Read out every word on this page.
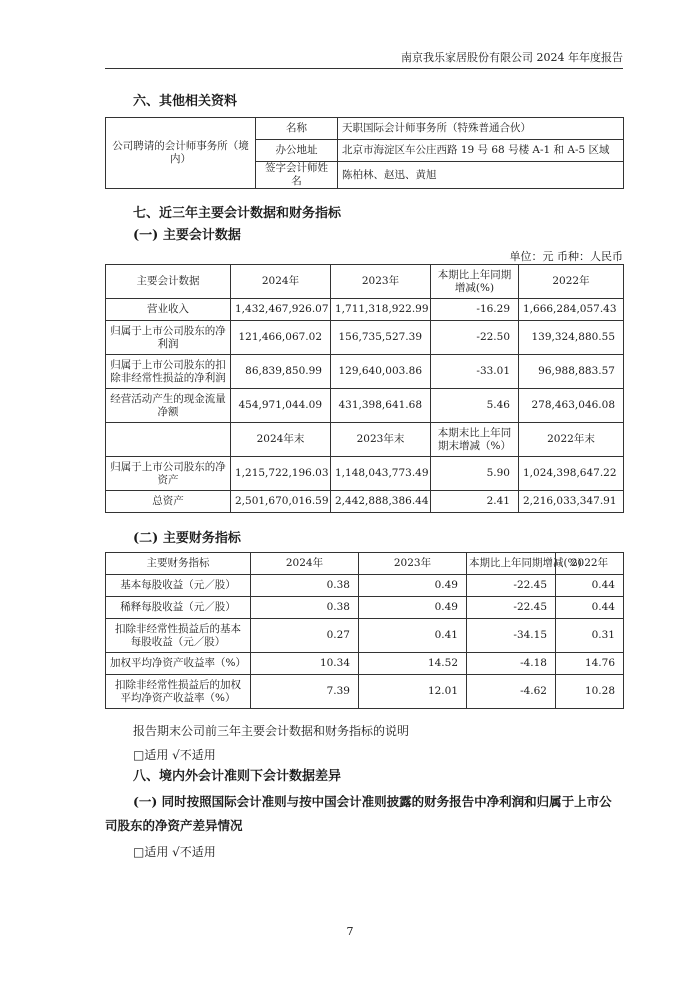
南京我乐家居股份有限公司 2024 年年度报告
六、其他相关资料
公司聘请的会计师事务所（境内）	名称	天职国际会计师事务所（特殊普通合伙）
	办公地址	北京市海淀区车公庄西路 19 号 68 号楼 A-1 和 A-5 区域
	签字会计师姓名	陈柏林、赵迅、黄旭
七、近三年主要会计数据和财务指标
(一) 主要会计数据
单位：元 币种：人民币
主要会计数据	2024年	2023年	本期比上年同期增减(%)	2022年
营业收入	1,432,467,926.07	1,711,318,922.99	-16.29	1,666,284,057.43
归属于上市公司股东的净利润	121,466,067.02	156,735,527.39	-22.50	139,324,880.55
归属于上市公司股东的扣除非经常性损益的净利润	86,839,850.99	129,640,003.86	-33.01	96,988,883.57
经营活动产生的现金流量净额	454,971,044.09	431,398,641.68	5.46	278,463,046.08
	2024年末	2023年末	本期末比上年同期末增减（%）	2022年末
归属于上市公司股东的净资产	1,215,722,196.03	1,148,043,773.49	5.90	1,024,398,647.22
总资产	2,501,670,016.59	2,442,888,386.44	2.41	2,216,033,347.91
(二) 主要财务指标
主要财务指标	2024年	2023年	本期比上年同期增减(%)	2022年
基本每股收益（元／股）	0.38	0.49	-22.45	0.44
稀释每股收益（元／股）	0.38	0.49	-22.45	0.44
扣除非经常性损益后的基本每股收益（元／股）	0.27	0.41	-34.15	0.31
加权平均净资产收益率（%）	10.34	14.52	-4.18	14.76
扣除非经常性损益后的加权平均净资产收益率（%）	7.39	12.01	-4.62	10.28
报告期末公司前三年主要会计数据和财务指标的说明
□适用 √不适用
八、境内外会计准则下会计数据差异
(一) 同时按照国际会计准则与按中国会计准则披露的财务报告中净利润和归属于上市公司股东的净资产差异情况
□适用 √不适用
7
